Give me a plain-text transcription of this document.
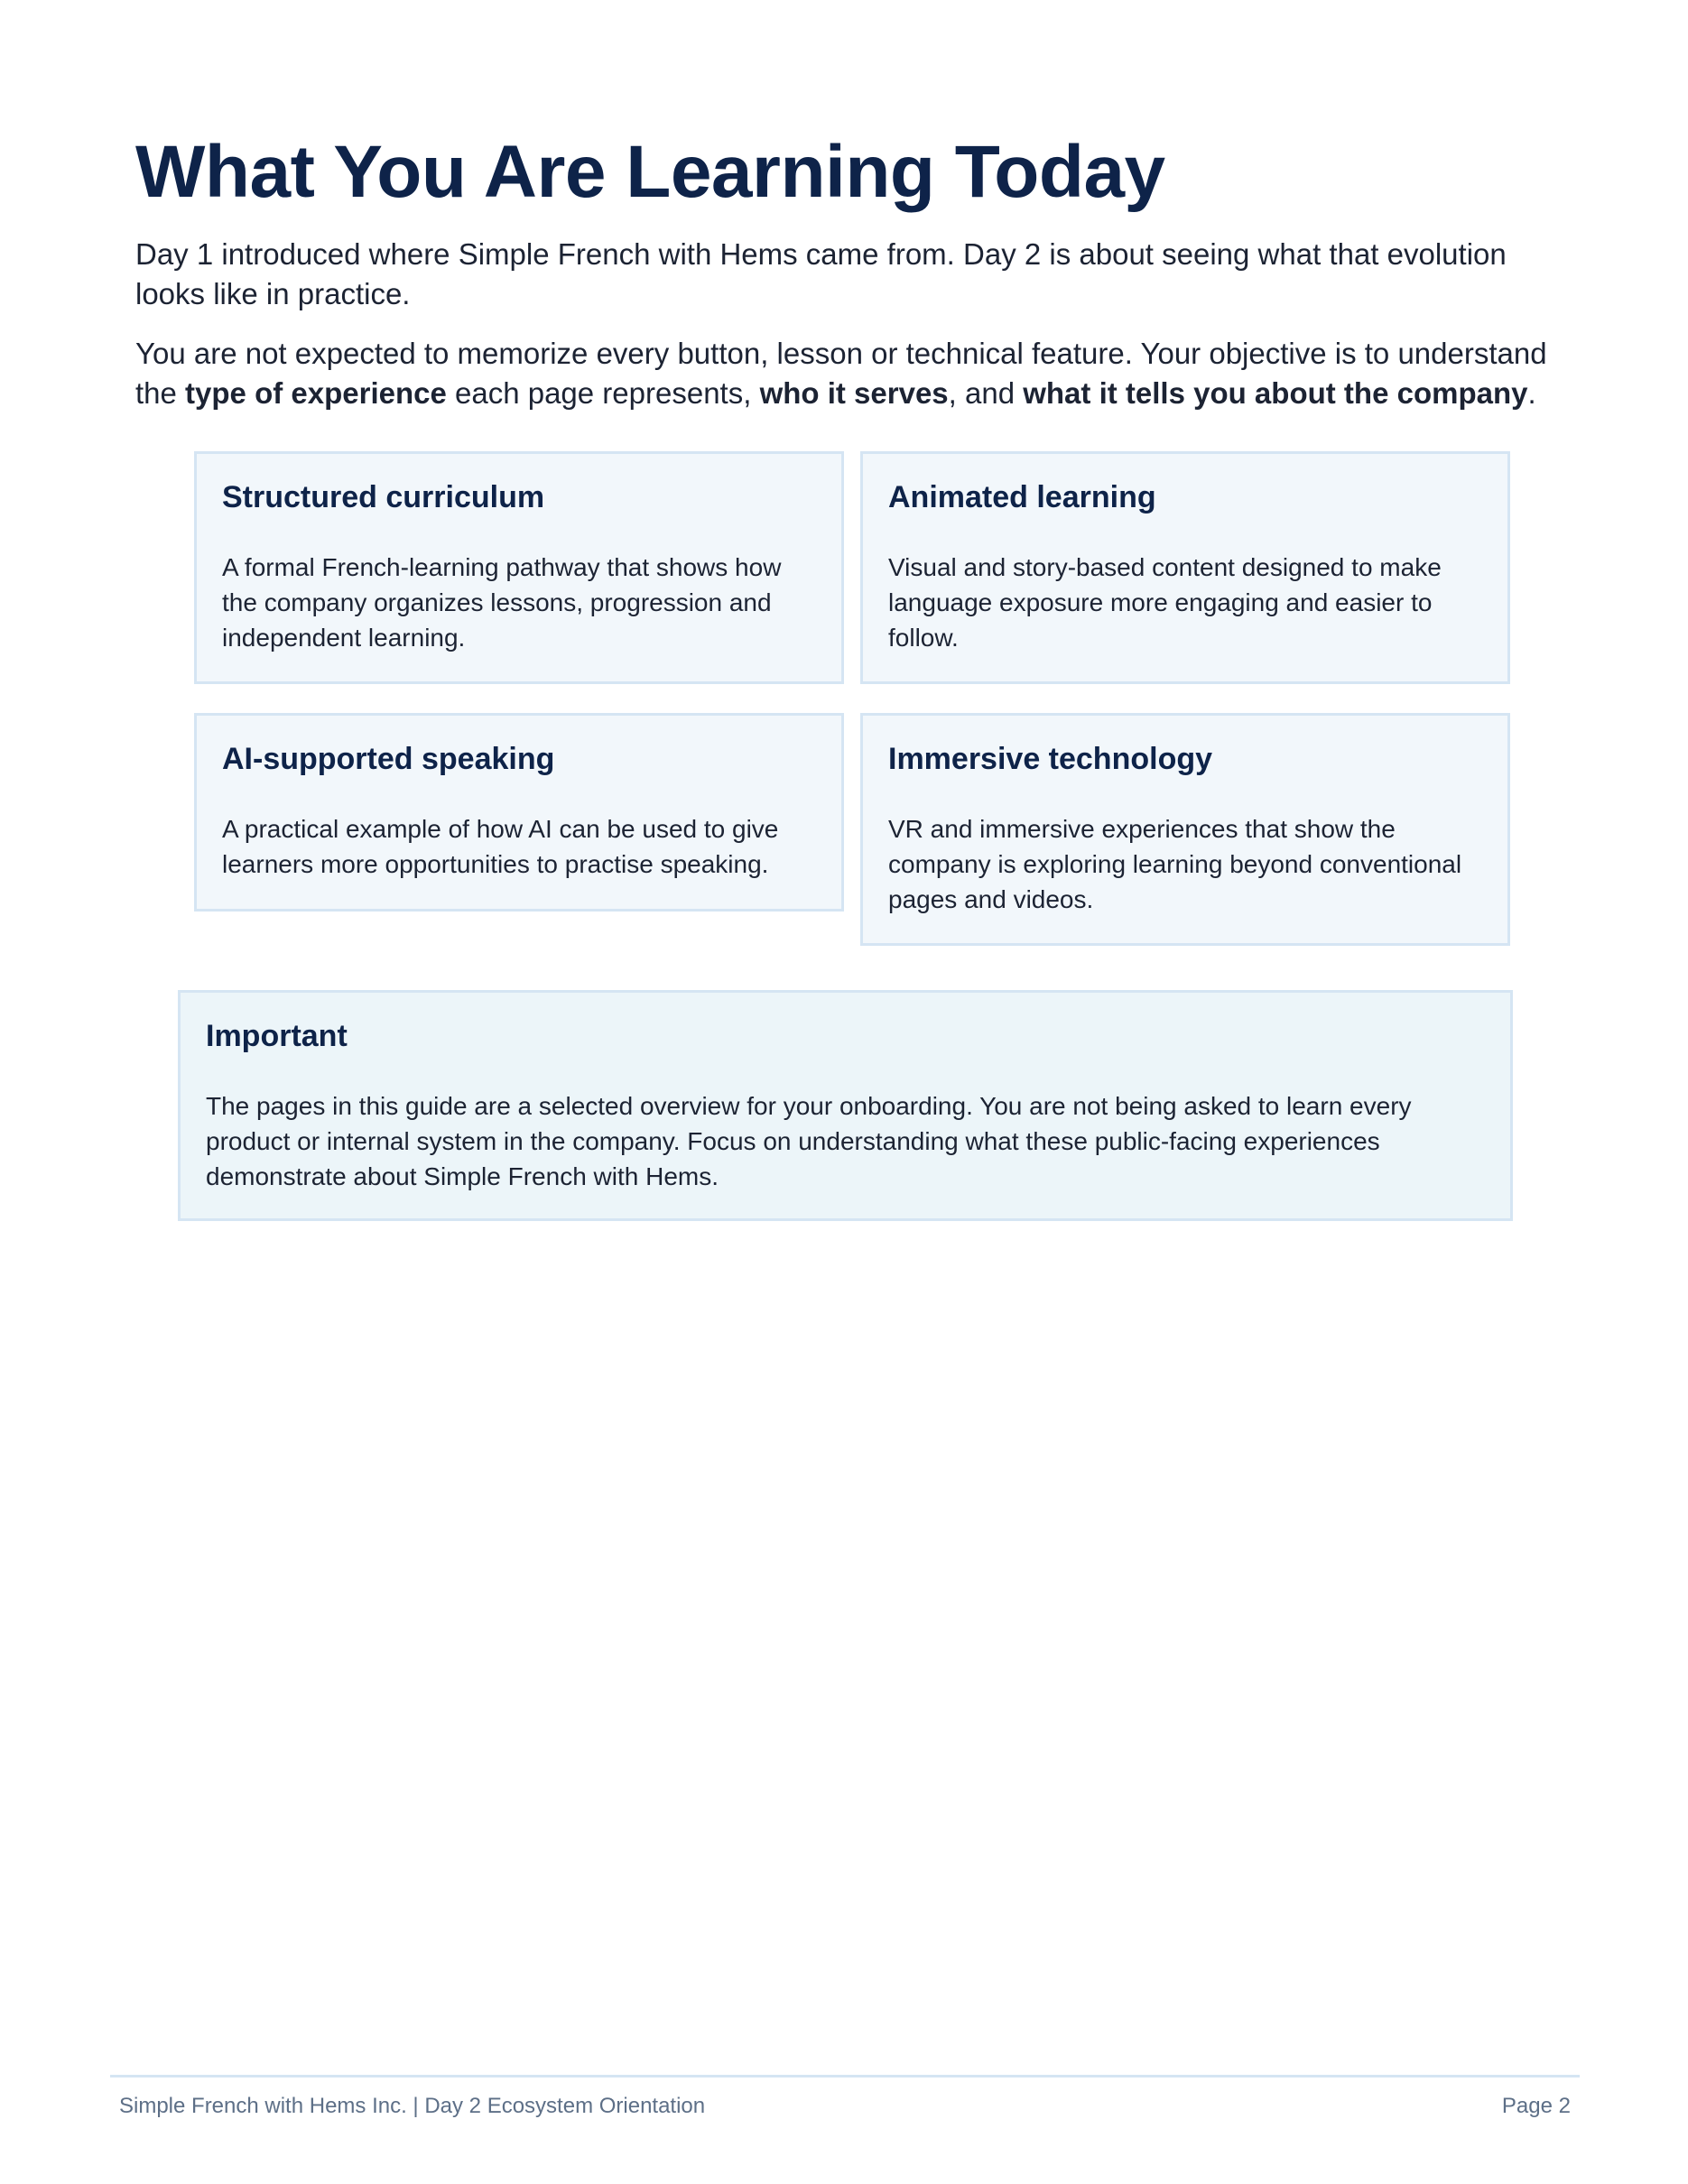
What You Are Learning Today

Day 1 introduced where Simple French with Hems came from. Day 2 is about seeing what that evolution looks like in practice.

You are not expected to memorize every button, lesson or technical feature. Your objective is to understand the type of experience each page represents, who it serves, and what it tells you about the company.

Structured curriculum

A formal French-learning pathway that shows how the company organizes lessons, progression and independent learning.

Animated learning

Visual and story-based content designed to make language exposure more engaging and easier to follow.

AI-supported speaking

A practical example of how AI can be used to give learners more opportunities to practise speaking.

Immersive technology

VR and immersive experiences that show the company is exploring learning beyond conventional pages and videos.

Important

The pages in this guide are a selected overview for your onboarding. You are not being asked to learn every product or internal system in the company. Focus on understanding what these public-facing experiences demonstrate about Simple French with Hems.

Simple French with Hems Inc. | Day 2 Ecosystem Orientation	Page 2
